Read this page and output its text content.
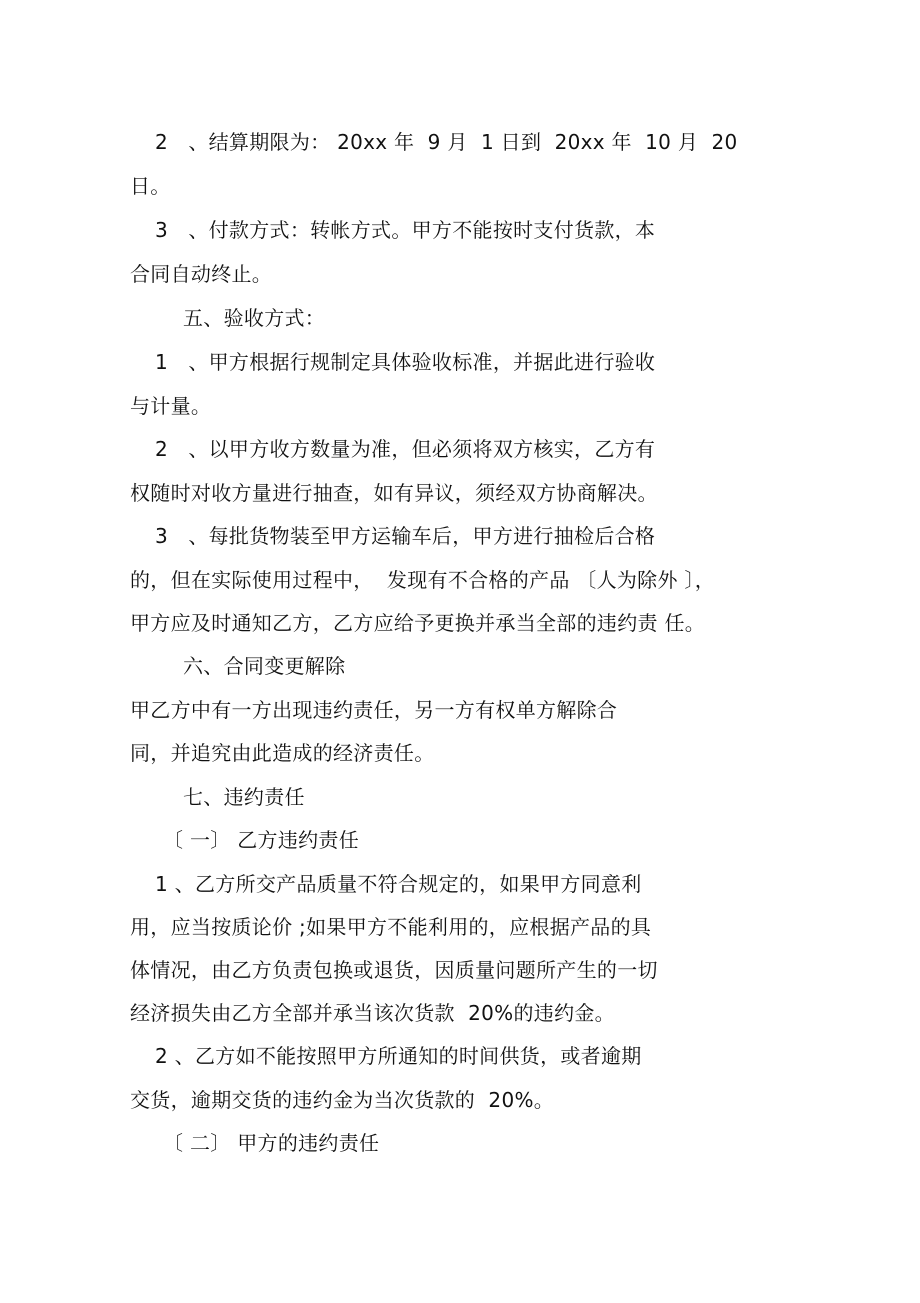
2　、结算期限为： 20xx 年  9 月  1 日到  20xx 年  10 月  20
日。
3　、付款方式：转帐方式。甲方不能按时支付货款，本
合同自动终止。
五、验收方式：
1　、甲方根据行规制定具体验收标准，并据此进行验收
与计量。
2　、以甲方收方数量为准，但必须将双方核实，乙方有
权随时对收方量进行抽查，如有异议，须经双方协商解决。
3　、每批货物装至甲方运输车后，甲方进行抽检后合格
的，但在实际使用过程中，  发现有不合格的产品 〔人为除外 〕，
甲方应及时通知乙方，乙方应给予更换并承当全部的违约责 任。
六、合同变更解除
甲乙方中有一方出现违约责任，另一方有权单方解除合
同，并追究由此造成的经济责任。
七、违约责任
〔 一〕 乙方违约责任
1 、乙方所交产品质量不符合规定的，如果甲方同意利
用，应当按质论价 ;如果甲方不能利用的，应根据产品的具
体情况，由乙方负责包换或退货，因质量问题所产生的一切
经济损失由乙方全部并承当该次货款  20%的违约金。
2 、乙方如不能按照甲方所通知的时间供货，或者逾期
交货，逾期交货的违约金为当次货款的  20%。
〔 二〕 甲方的违约责任
